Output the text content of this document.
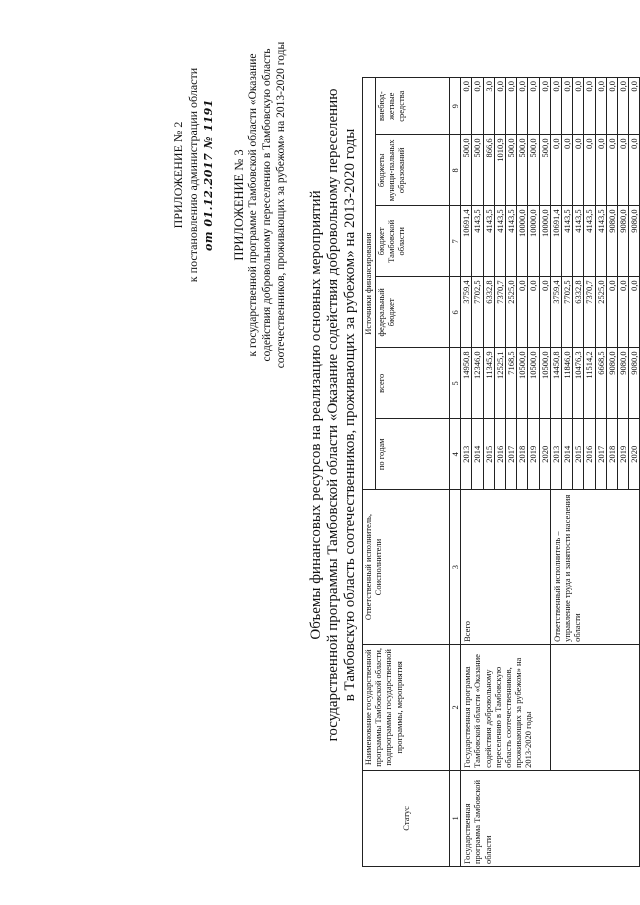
ПРИЛОЖЕНИЕ № 2 к постановлению администрации области от 01.12.2017 № 1191 ПРИЛОЖЕНИЕ № 3 к государственной программе Тамбовской области «Оказание содействия добровольному переселению в Тамбовскую область соотечественников, проживающих за рубежом» на 2013-2020 годы Объемы финансовых ресурсов на реализацию основных мероприятий государственной программы Тамбовской области «Оказание содействия добровольному переселению в Тамбовскую область соотечественников, проживающих за рубежом» на 2013-2020 годы
Статус	Наименование государственной программы Тамбовской области, подпрограммы государственной программы, мероприятия	Ответственный исполнитель, Соисполнители	Источники финансирования					
			по годам	всего	федеральный бюджет	бюджет Тамбовской области	бюджеты муници-пальных образований	внебюд-жетные средства
1	2	3	4	5	6	7	8	9
Государственная программа Тамбовской области	Государственная программа Тамбовской области «Оказание содействия добровольному переселению в Тамбовскую область соотечественников, проживающих за рубежом» на 2013-2020 годы	Всего	2013	14950,8	3759,4	10691,4	500,0	0,0
			2014	12346,0	7702,5	4143,5	500,0	0,0
			2015	11345,9	6332,8	4143,5	866,6	3,0
			2016	12525,1	7370,7	4143,5	1010,9	0,0
			2017	7168,5	2525,0	4143,5	500,0	0,0
			2018	10500,0	0,0	10000,0	500,0	0,0
			2019	10500,0	0,0	10000,0	500,0	0,0
			2020	10500,0	0,0	10000,0	500,0	0,0
		Ответственный исполнитель – управление труда и занятости населения области	2013	14450,8	3759,4	10691,4	0,0	0,0
			2014	11846,0	7702,5	4143,5	0,0	0,0
			2015	10476,3	6332,8	4143,5	0,0	0,0
			2016	11514,2	7370,7	4143,5	0,0	0,0
			2017	6668,5	2525,0	4143,5	0,0	0,0
			2018	9080,0	0,0	9080,0	0,0	0,0
			2019	9080,0	0,0	9080,0	0,0	0,0
			2020	9080,0	0,0	9080,0	0,0	0,0
